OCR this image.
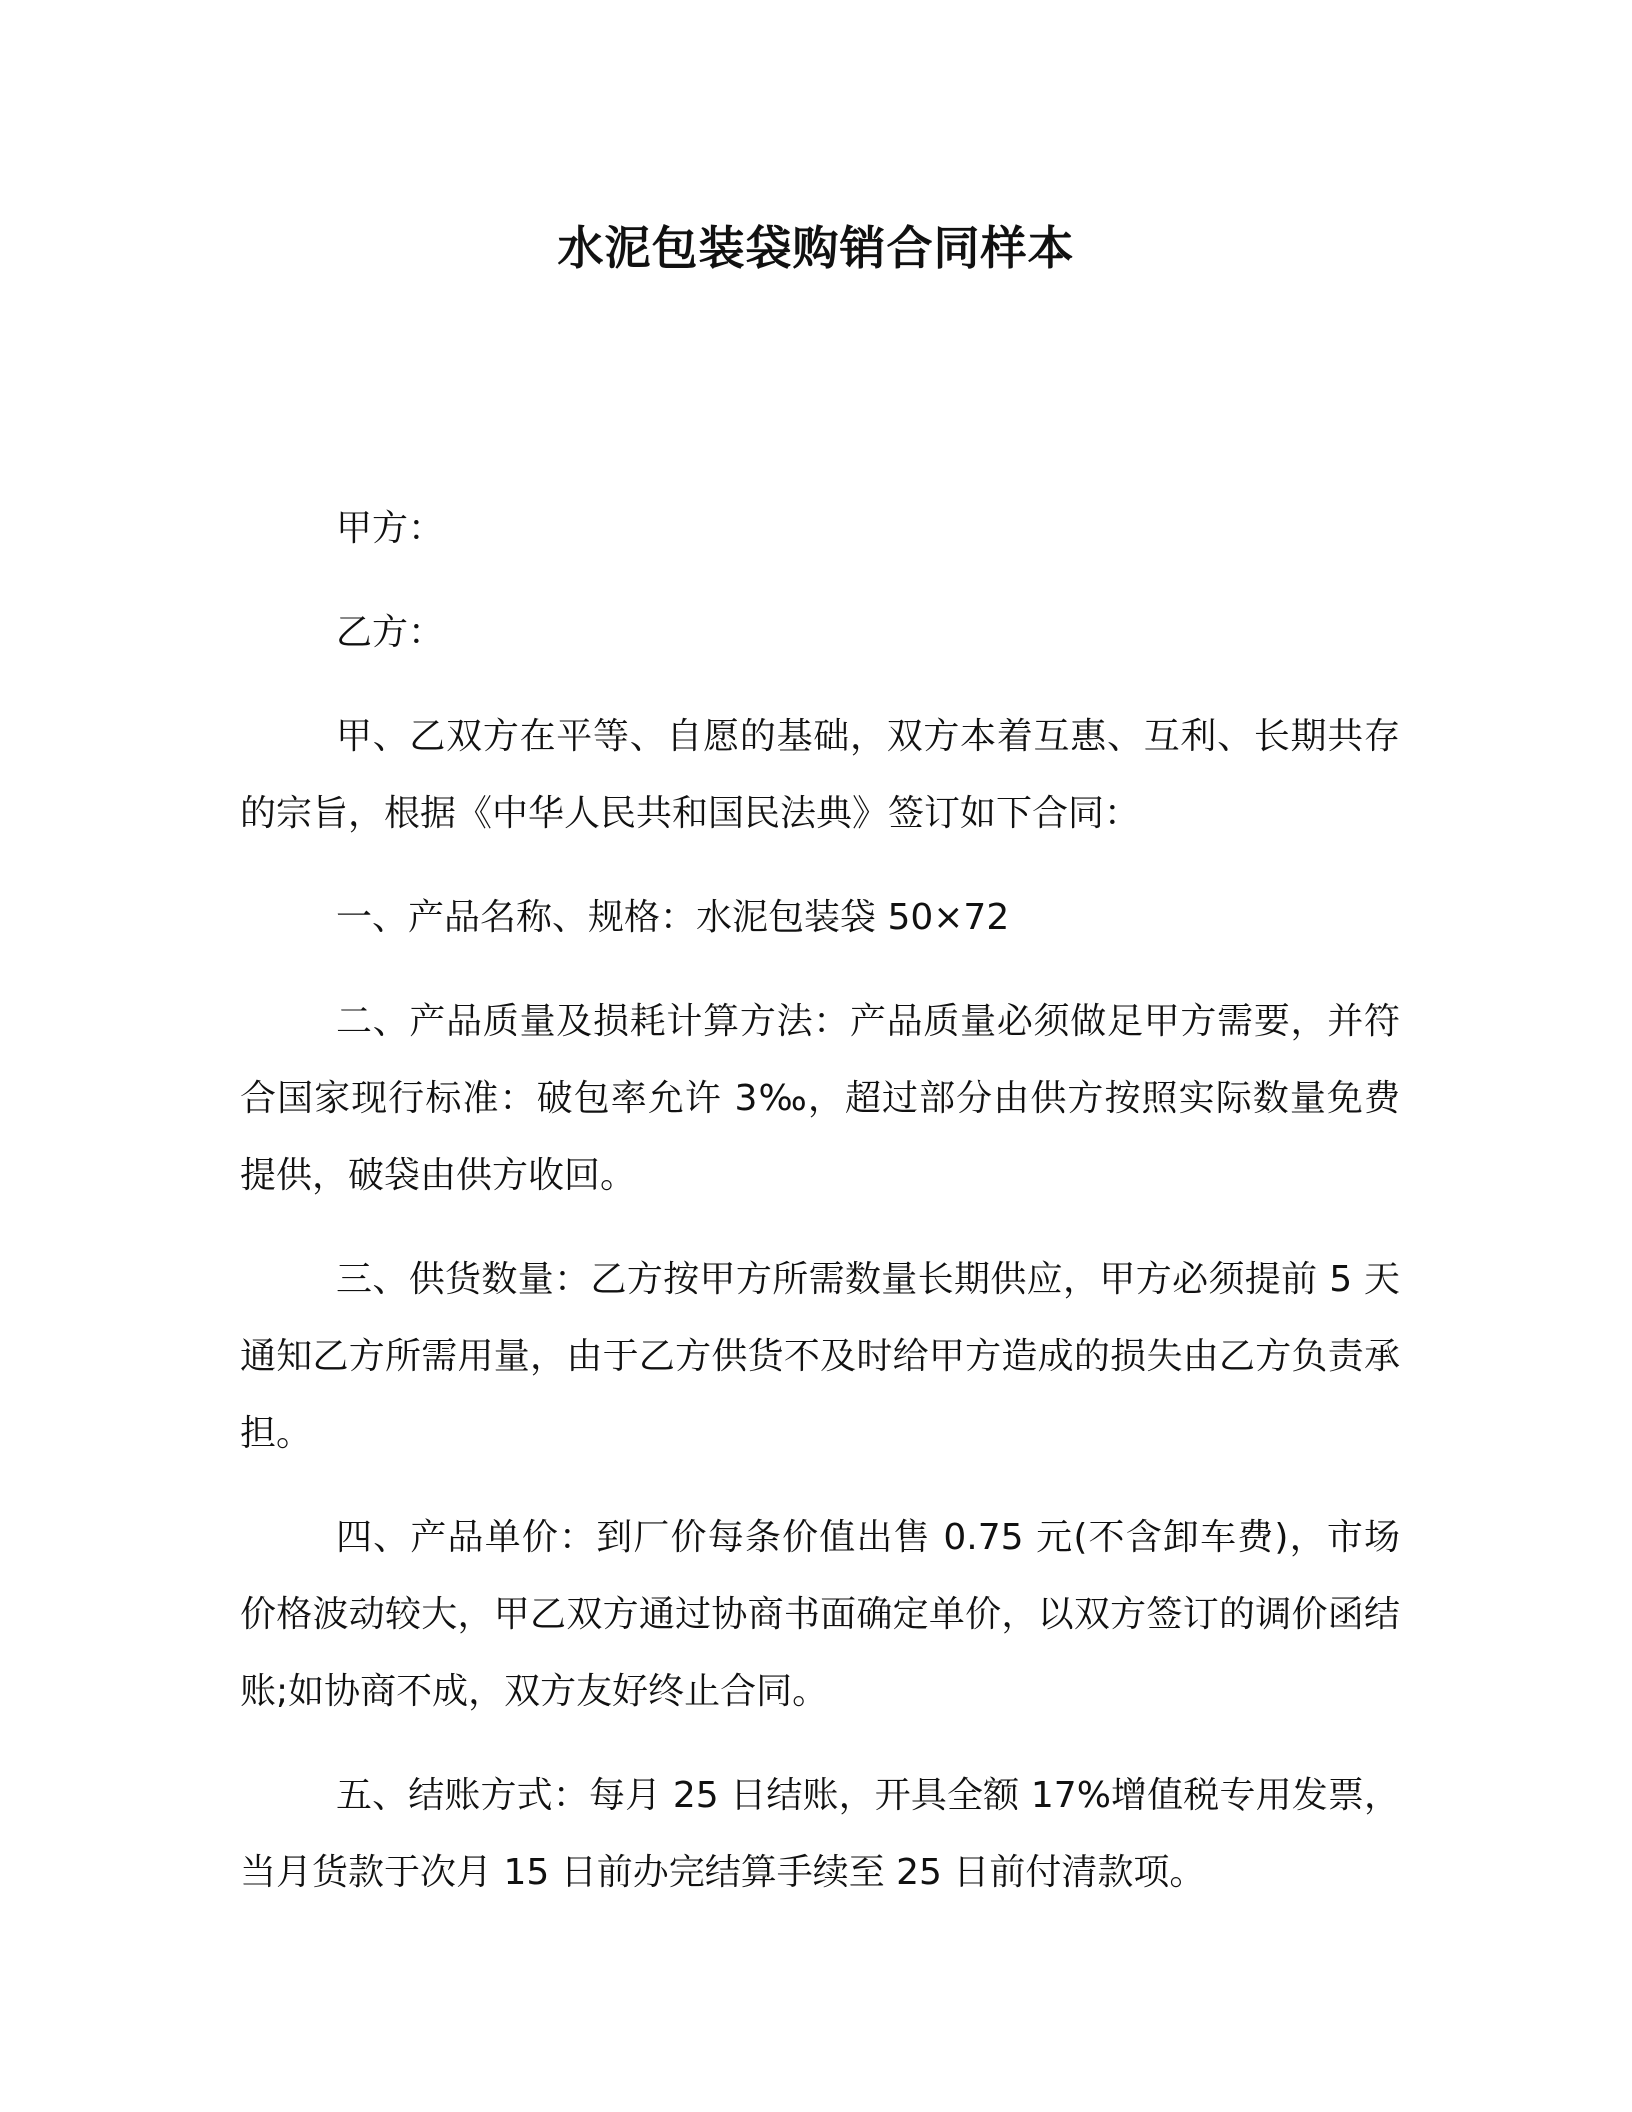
水泥包装袋购销合同样本

甲方：

乙方：

甲、乙双方在平等、自愿的基础，双方本着互惠、互利、长期共存的宗旨，根据《中华人民共和国民法典》签订如下合同：

一、产品名称、规格：水泥包装袋 50×72

二、产品质量及损耗计算方法：产品质量必须做足甲方需要，并符合国家现行标准：破包率允许 3‰，超过部分由供方按照实际数量免费提供，破袋由供方收回。

三、供货数量：乙方按甲方所需数量长期供应，甲方必须提前 5 天通知乙方所需用量，由于乙方供货不及时给甲方造成的损失由乙方负责承担。

四、产品单价：到厂价每条价值出售 0.75 元(不含卸车费)，市场价格波动较大，甲乙双方通过协商书面确定单价，以双方签订的调价函结账;如协商不成，双方友好终止合同。

五、结账方式：每月 25 日结账，开具全额 17%增值税专用发票，当月货款于次月 15 日前办完结算手续至 25 日前付清款项。
